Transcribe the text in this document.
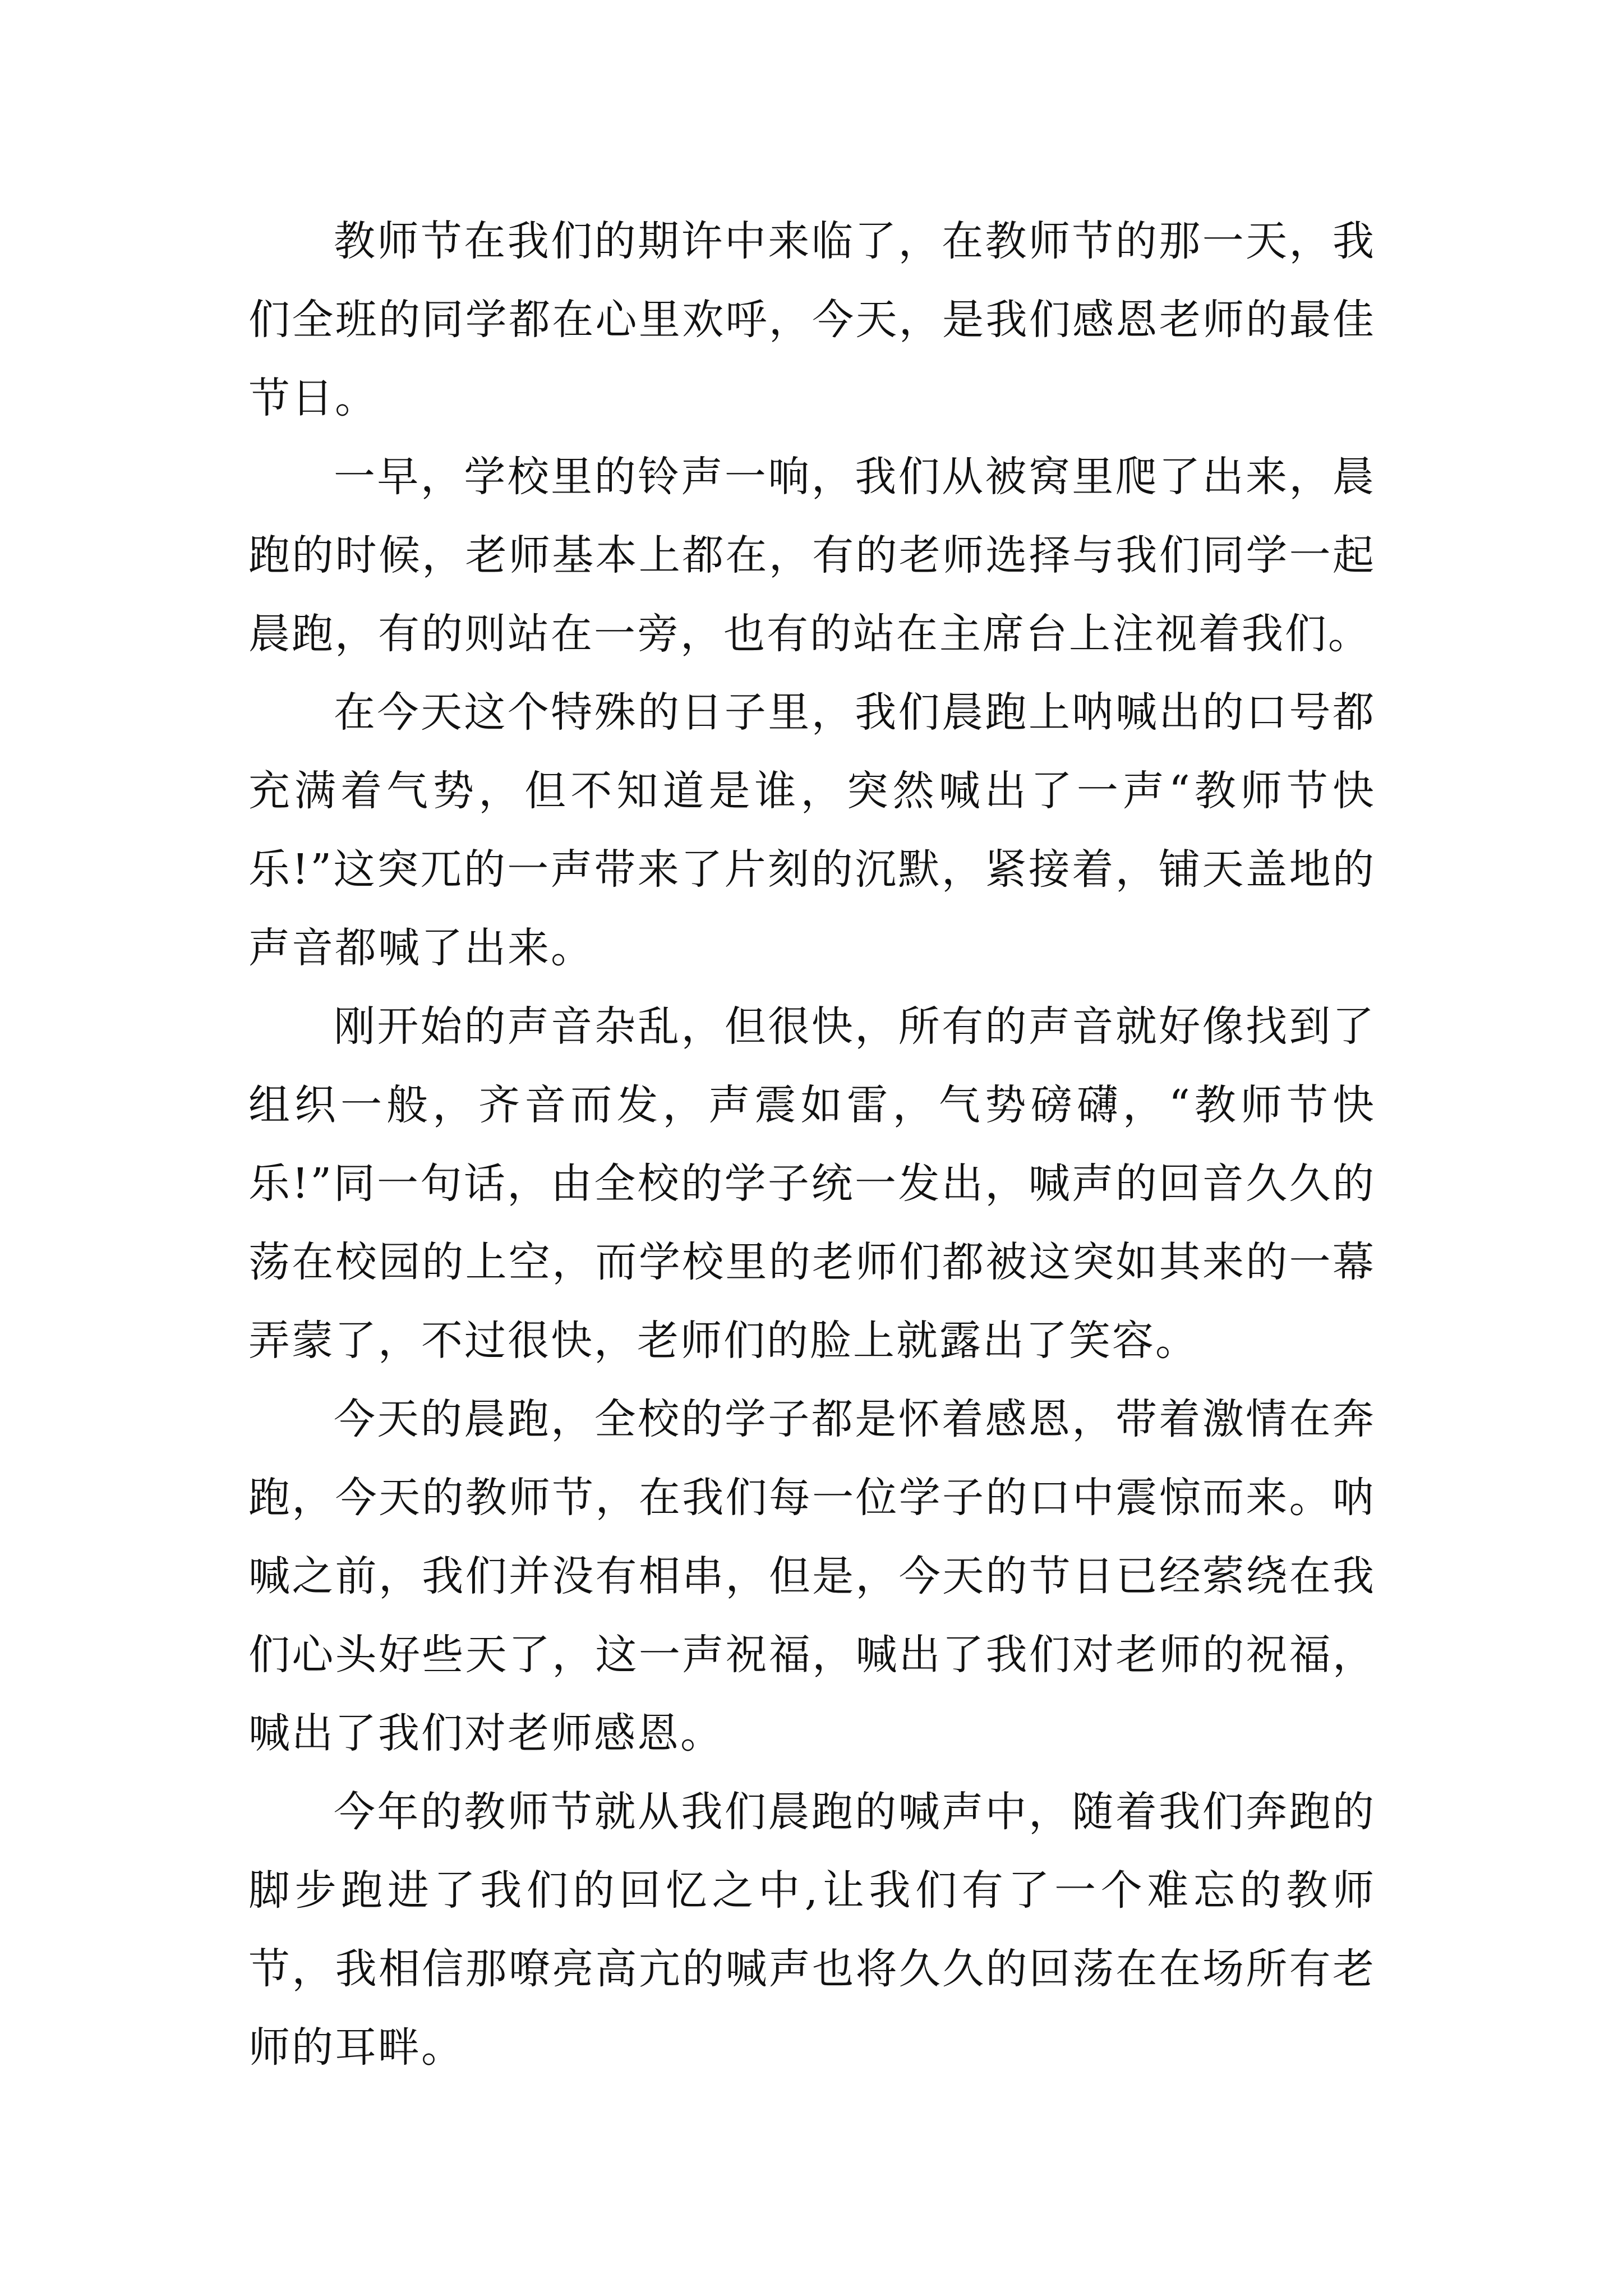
教师节在我们的期许中来临了，在教师节的那一天，我们全班的同学都在心里欢呼，今天，是我们感恩老师的最佳节日。

一早，学校里的铃声一响，我们从被窝里爬了出来，晨跑的时候，老师基本上都在，有的老师选择与我们同学一起晨跑，有的则站在一旁，也有的站在主席台上注视着我们。

在今天这个特殊的日子里，我们晨跑上呐喊出的口号都充满着气势，但不知道是谁，突然喊出了一声“教师节快乐!”这突兀的一声带来了片刻的沉默，紧接着，铺天盖地的声音都喊了出来。

刚开始的声音杂乱，但很快，所有的声音就好像找到了组织一般，齐音而发，声震如雷，气势磅礴，“教师节快乐!”同一句话，由全校的学子统一发出，喊声的回音久久的荡在校园的上空，而学校里的老师们都被这突如其来的一幕弄蒙了，不过很快，老师们的脸上就露出了笑容。

今天的晨跑，全校的学子都是怀着感恩，带着激情在奔跑，今天的教师节，在我们每一位学子的口中震惊而来。呐喊之前，我们并没有相串，但是，今天的节日已经萦绕在我们心头好些天了，这一声祝福，喊出了我们对老师的祝福，喊出了我们对老师感恩。

今年的教师节就从我们晨跑的喊声中，随着我们奔跑的脚步跑进了我们的回忆之中,让我们有了一个难忘的教师节，我相信那嘹亮高亢的喊声也将久久的回荡在在场所有老师的耳畔。
